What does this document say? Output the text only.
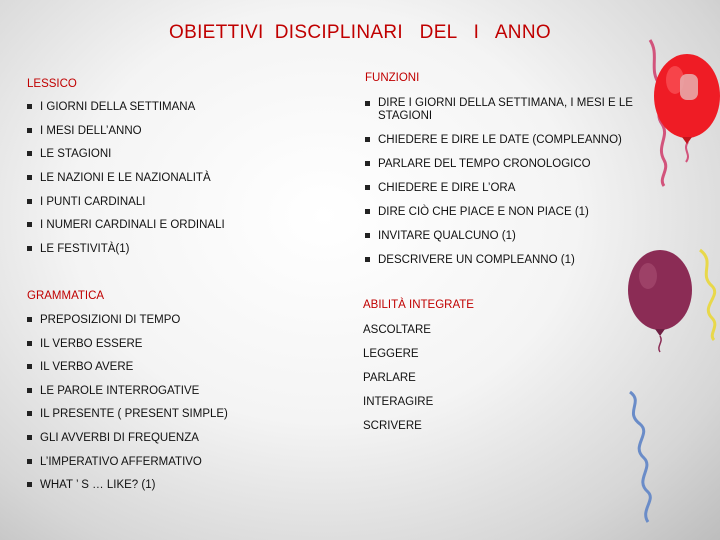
OBIETTIVI  DISCIPLINARI   DEL   I   ANNO
LESSICO
I GIORNI DELLA SETTIMANA
I MESI DELL’ANNO
LE STAGIONI
LE NAZIONI E LE NAZIONALITÀ
I PUNTI CARDINALI
I NUMERI CARDINALI E ORDINALI
LE FESTIVITÀ(1)
GRAMMATICA
PREPOSIZIONI DI TEMPO
IL VERBO ESSERE
IL VERBO AVERE
LE PAROLE INTERROGATIVE
IL PRESENTE ( PRESENT SIMPLE)
GLI AVVERBI DI FREQUENZA
L’IMPERATIVO AFFERMATIVO
WHAT ’ S … LIKE? (1)
FUNZIONI
DIRE I GIORNI DELLA SETTIMANA, I MESI E LE STAGIONI
CHIEDERE E DIRE LE DATE (COMPLEANNO)
PARLARE DEL TEMPO CRONOLOGICO
CHIEDERE E DIRE L’ORA
DIRE CIÒ CHE PIACE E NON PIACE (1)
INVITARE QUALCUNO (1)
DESCRIVERE UN COMPLEANNO (1)
ABILITÀ INTEGRATE
ASCOLTARE
LEGGERE
PARLARE
INTERAGIRE
SCRIVERE
